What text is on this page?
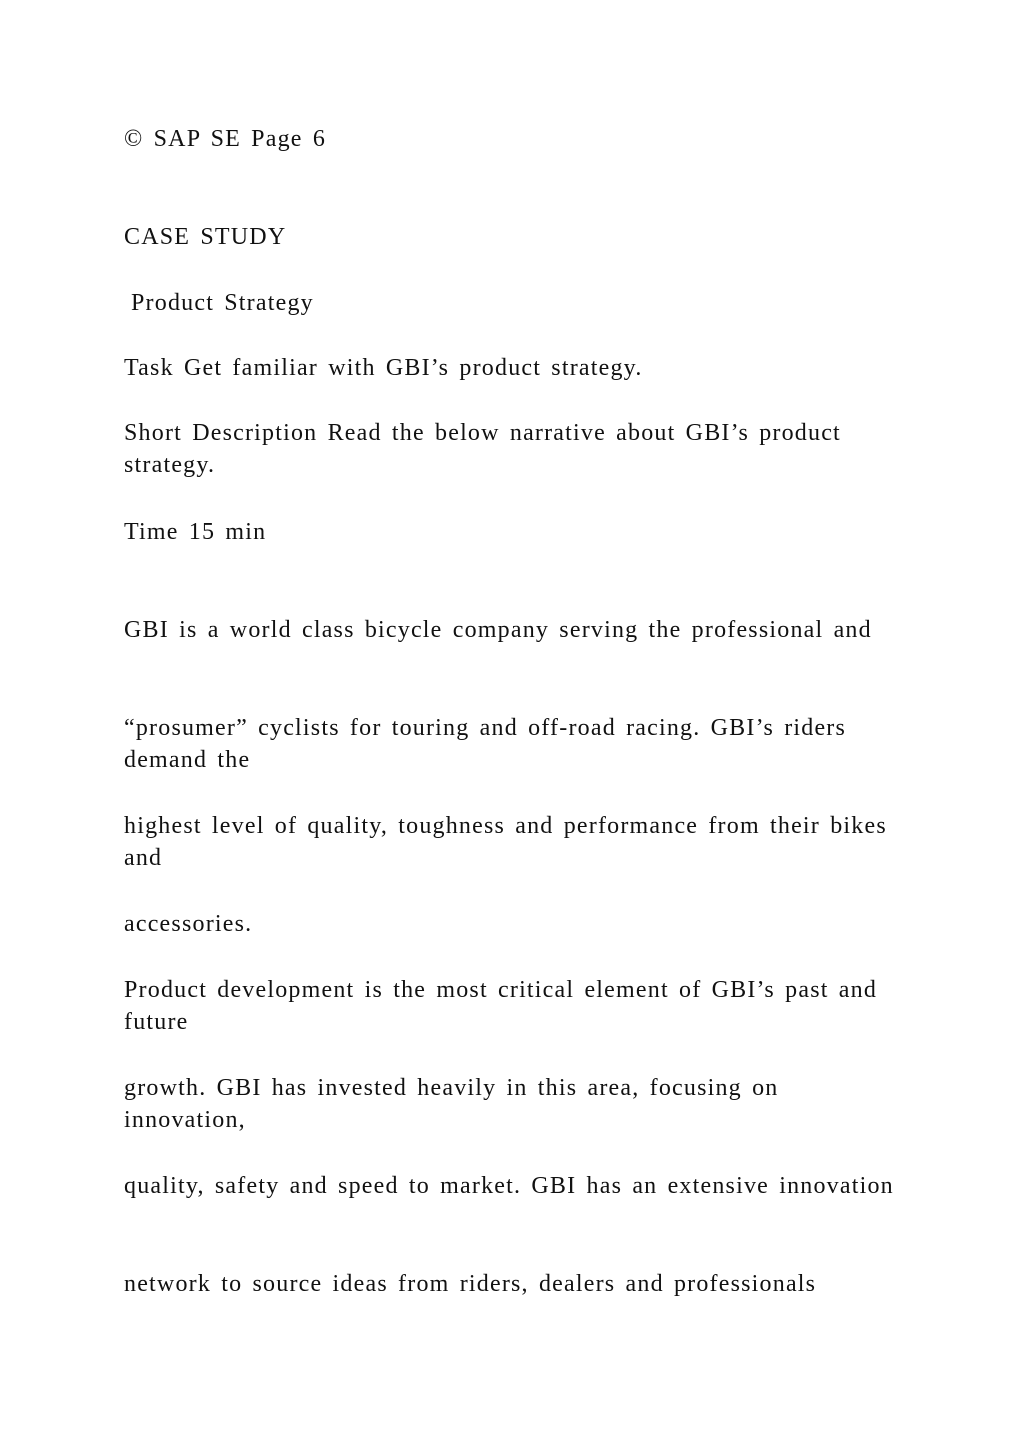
© SAP SE Page 6
CASE STUDY
Product Strategy
Task Get familiar with GBI’s product strategy.
Short Description Read the below narrative about GBI’s product strategy.
Time 15 min
GBI is a world class bicycle company serving the professional and
“prosumer” cyclists for touring and off-road racing. GBI’s riders demand the
highest level of quality, toughness and performance from their bikes and
accessories.
Product development is the most critical element of GBI’s past and future
growth. GBI has invested heavily in this area, focusing on innovation,
quality, safety and speed to market. GBI has an extensive innovation
network to source ideas from riders, dealers and professionals
